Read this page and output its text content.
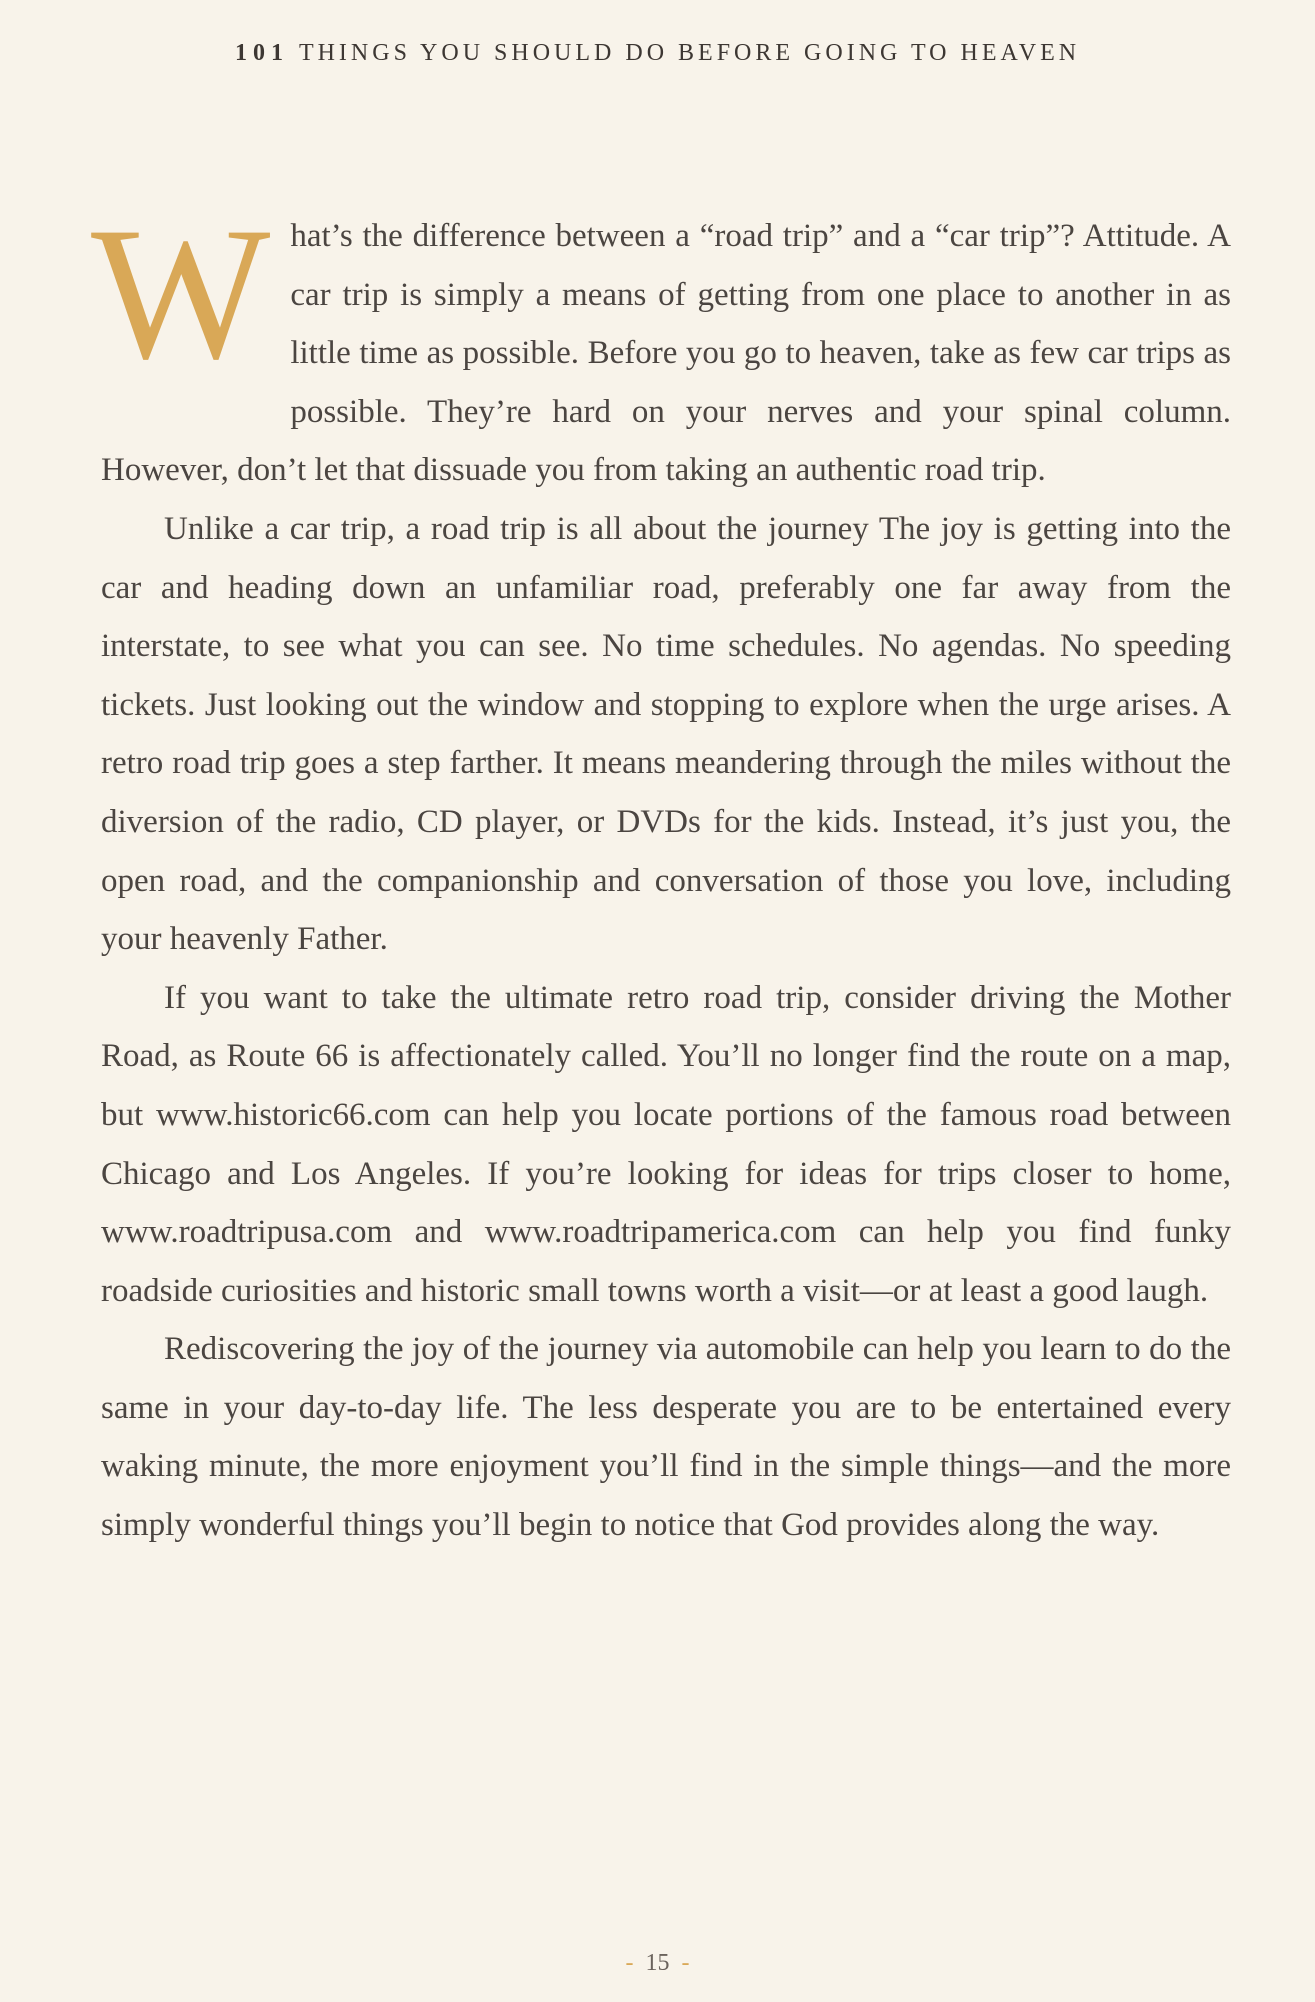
101 THINGS YOU SHOULD DO BEFORE GOING TO HEAVEN

What’s the difference between a “road trip” and a “car trip”? Attitude. A car trip is simply a means of getting from one place to another in as little time as possible. Before you go to heaven, take as few car trips as possible. They’re hard on your nerves and your spinal column. However, don’t let that dissuade you from taking an authentic road trip.

Unlike a car trip, a road trip is all about the journey The joy is getting into the car and heading down an unfamiliar road, preferably one far away from the interstate, to see what you can see. No time schedules. No agendas. No speeding tickets. Just looking out the window and stopping to explore when the urge arises. A retro road trip goes a step farther. It means meandering through the miles without the diversion of the radio, CD player, or DVDs for the kids. Instead, it’s just you, the open road, and the companionship and conversation of those you love, including your heavenly Father.

If you want to take the ultimate retro road trip, consider driving the Mother Road, as Route 66 is affectionately called. You’ll no longer find the route on a map, but www.historic66.com can help you locate portions of the famous road between Chicago and Los Angeles. If you’re looking for ideas for trips closer to home, www.roadtripusa.com and www.roadtripamerica.com can help you find funky roadside curiosities and historic small towns worth a visit—or at least a good laugh.

Rediscovering the joy of the journey via automobile can help you learn to do the same in your day-to-day life. The less desperate you are to be entertained every waking minute, the more enjoyment you’ll find in the simple things—and the more simply wonderful things you’ll begin to notice that God provides along the way.

- 15 -
